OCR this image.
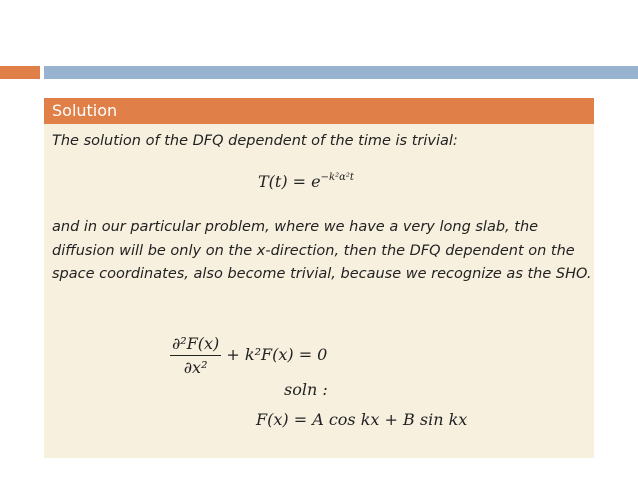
Solution

The solution of the DFQ dependent of the time is trivial:

$T(t) = e^{-k^2\alpha^2t}$

and in our particular problem, where we have a very long slab, the diffusion will be only on the x-direction, then the DFQ dependent on the space coordinates, also become trivial, because we recognize as the SHO.

$\frac{\text{∂²F(x)}}{\text{∂x²}} + k^2F(x) = 0$
soln :
F(x) = A cos kx + B sin kx
